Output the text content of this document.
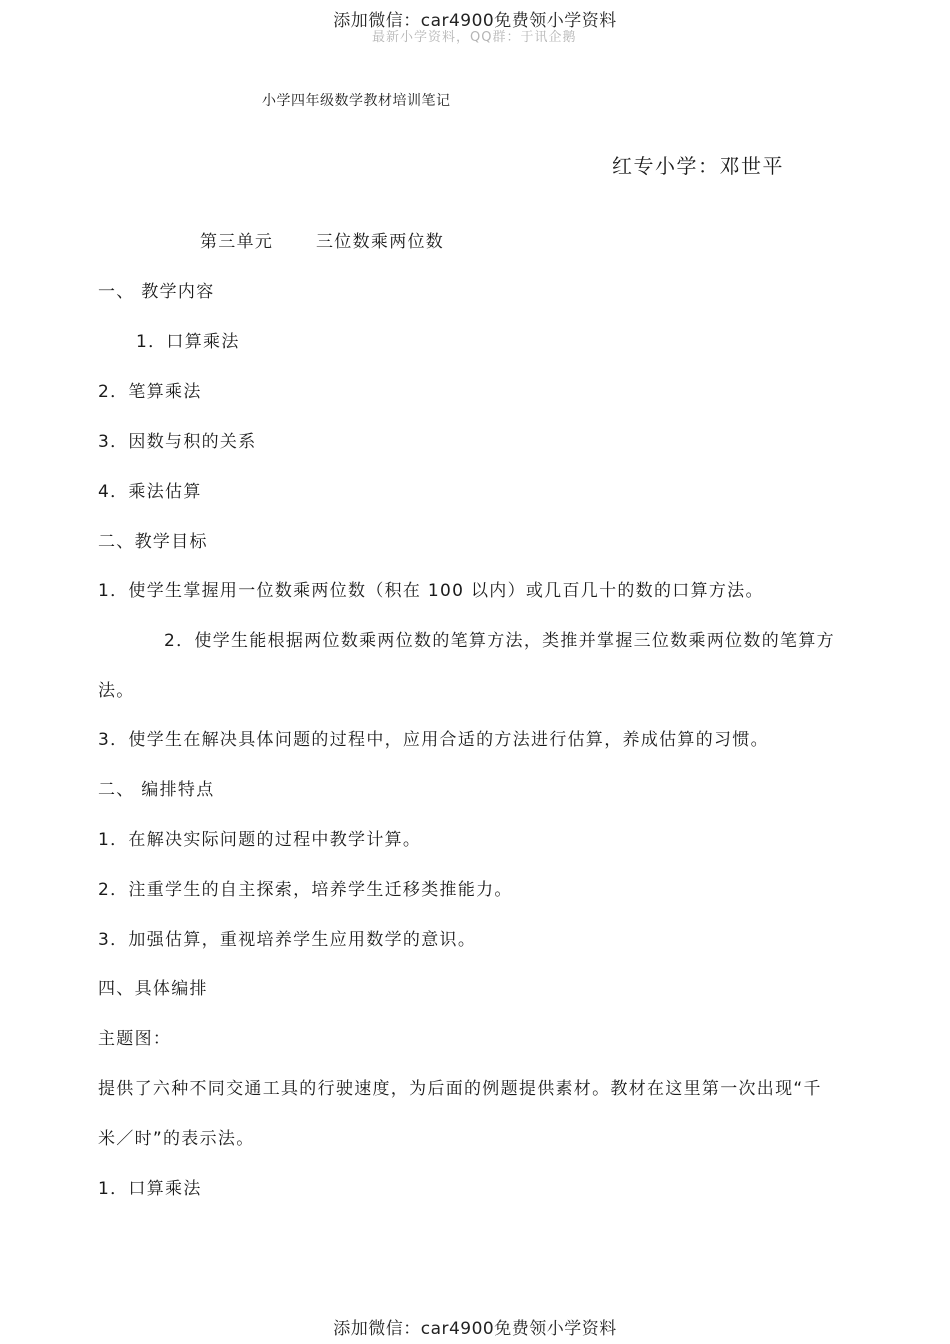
添加微信：car4900免费领小学资料
最新小学资料，QQ群：于讯企鹅
小学四年级数学教材培训笔记
红专小学：邓世平
第三单元	三位数乘两位数
一、 教学内容
1．口算乘法
2．笔算乘法
3．因数与积的关系
4．乘法估算
二、教学目标
1．使学生掌握用一位数乘两位数（积在 100 以内）或几百几十的数的口算方法。
2．使学生能根据两位数乘两位数的笔算方法，类推并掌握三位数乘两位数的笔算方
法。
3．使学生在解决具体问题的过程中，应用合适的方法进行估算，养成估算的习惯。
二、 编排特点
1．在解决实际问题的过程中教学计算。
2．注重学生的自主探索，培养学生迁移类推能力。
3．加强估算，重视培养学生应用数学的意识。
四、具体编排
主题图：
提供了六种不同交通工具的行驶速度，为后面的例题提供素材。教材在这里第一次出现“千
米／时”的表示法。
1．口算乘法
添加微信：car4900免费领小学资料
